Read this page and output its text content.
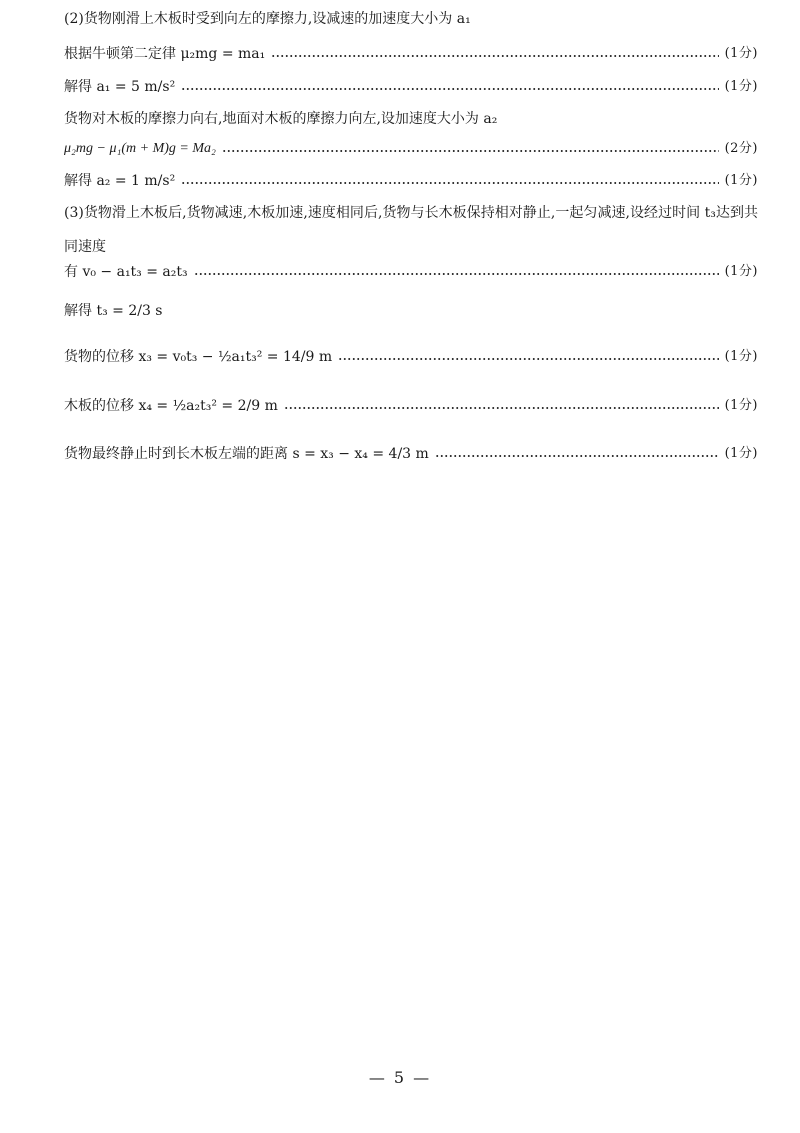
(2)货物刚滑上木板时受到向左的摩擦力,设减速的加速度大小为 a₁
根据牛顿第二定律 μ₂mg = ma₁	(1分)
解得 a₁ = 5 m/s²	(1分)
货物对木板的摩擦力向右,地面对木板的摩擦力向左,设加速度大小为 a₂
μ₂mg − μ₁(m + M)g = Ma₂	(2分)
解得 a₂ = 1 m/s²	(1分)
(3)货物滑上木板后,货物减速,木板加速,速度相同后,货物与长木板保持相对静止,一起匀减速,设经过时间 t₃达到共同速度
有 v₀ − a₁t₃ = a₂t₃	(1分)
解得 t₃ = 2/3 s
货物的位移 x₃ = v₀t₃ − ½a₁t₃² = 14/9 m	(1分)
木板的位移 x₄ = ½a₂t₃² = 2/9 m	(1分)
货物最终静止时到长木板左端的距离 s = x₃ − x₄ = 4/3 m	(1分)
— 5 —
